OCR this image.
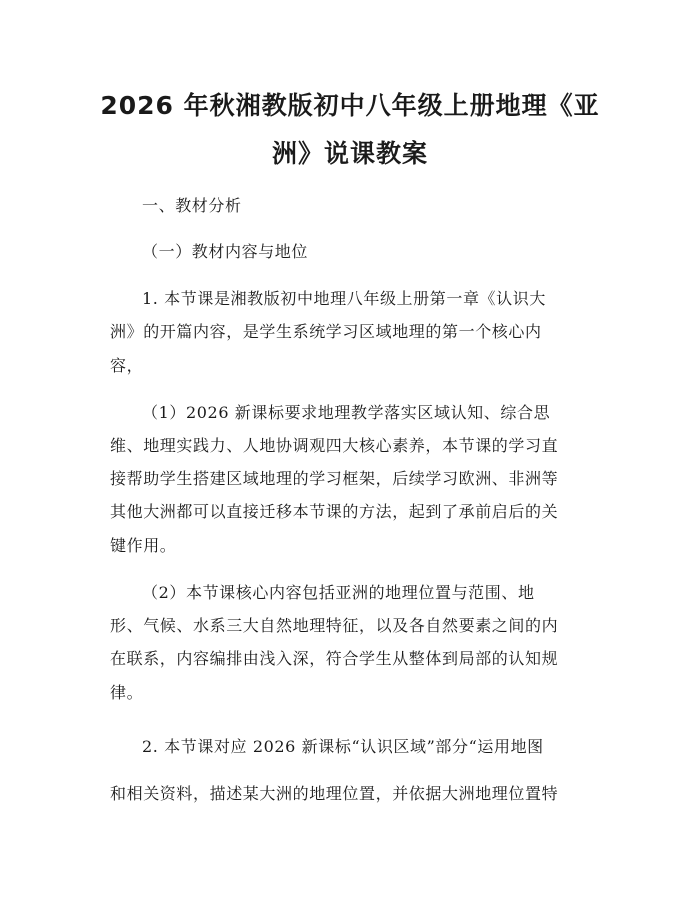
2026 年秋湘教版初中八年级上册地理《亚
洲》说课教案
一、教材分析
（一）教材内容与地位
1. 本节课是湘教版初中地理八年级上册第一章《认识大
洲》的开篇内容，是学生系统学习区域地理的第一个核心内
容，
（1）2026 新课标要求地理教学落实区域认知、综合思
维、地理实践力、人地协调观四大核心素养，本节课的学习直
接帮助学生搭建区域地理的学习框架，后续学习欧洲、非洲等
其他大洲都可以直接迁移本节课的方法，起到了承前启后的关
键作用。
（2）本节课核心内容包括亚洲的地理位置与范围、地
形、气候、水系三大自然地理特征，以及各自然要素之间的内
在联系，内容编排由浅入深，符合学生从整体到局部的认知规
律。
2. 本节课对应 2026 新课标“认识区域”部分“运用地图
和相关资料，描述某大洲的地理位置，并依据大洲地理位置特
